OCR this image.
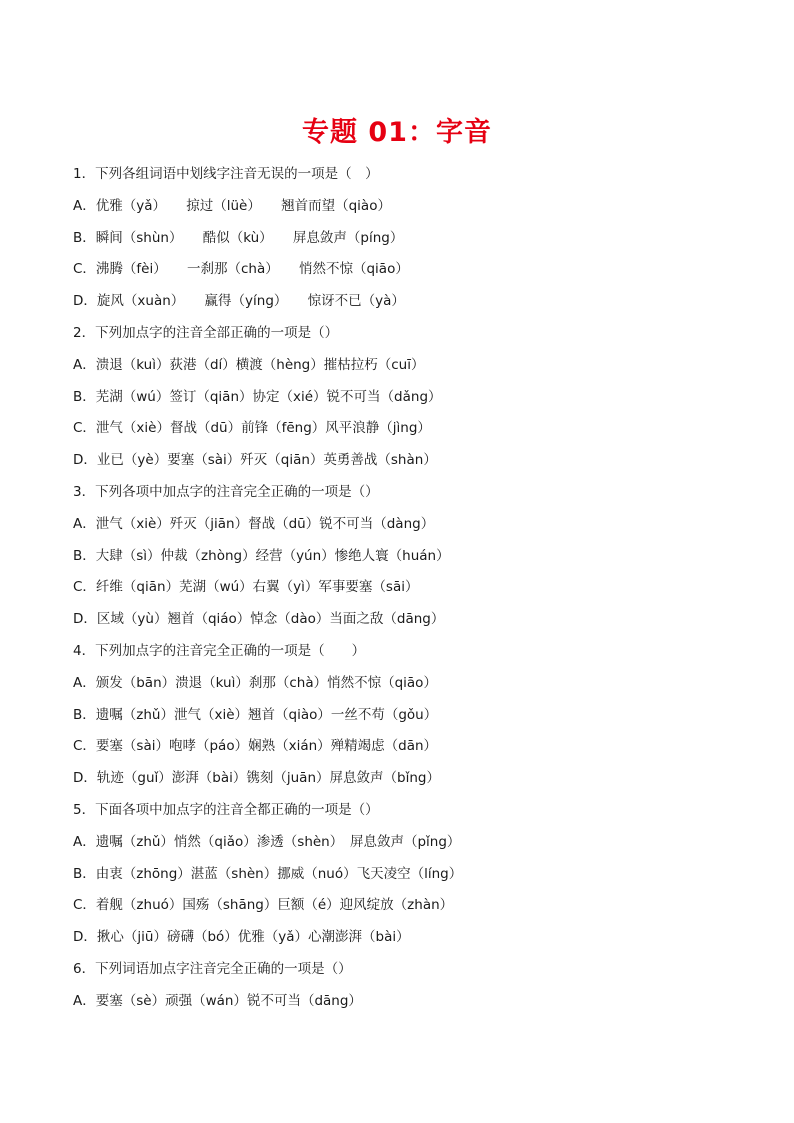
专题 01：字音
1．下列各组词语中划线字注音无误的一项是（　）
A．优雅（yǎ）　　掠过（lüè）　　翘首而望（qiào）
B．瞬间（shùn）　　酷似（kù）　　屏息敛声（píng）
C．沸腾（fèi）　　一刹那（chà）　　悄然不惊（qiāo）
D．旋风（xuàn）　　赢得（yíng）　　惊讶不已（yà）
2．下列加点字的注音全部正确的一项是（）
A．溃退（kuì）荻港（dí）横渡（hèng）摧枯拉朽（cuī）
B．芜湖（wú）签订（qiān）协定（xié）锐不可当（dǎng）
C．泄气（xiè）督战（dū）前锋（fēng）风平浪静（jìng）
D．业已（yè）要塞（sài）歼灭（qiān）英勇善战（shàn）
3．下列各项中加点字的注音完全正确的一项是（）
A．泄气（xiè）歼灭（jiān）督战（dū）锐不可当（dàng）
B．大肆（sì）仲裁（zhòng）经营（yún）惨绝人寰（huán）
C．纤维（qiān）芜湖（wú）右翼（yì）军事要塞（sāi）
D．区域（yù）翘首（qiáo）悼念（dào）当面之敌（dāng）
4．下列加点字的注音完全正确的一项是（　　）
A．颁发（bān）溃退（kuì）刹那（chà）悄然不惊（qiāo）
B．遗嘱（zhǔ）泄气（xiè）翘首（qiào）一丝不苟（gǒu）
C．要塞（sài）咆哮（páo）娴熟（xián）殚精竭虑（dān）
D．轨迹（guǐ）澎湃（bài）镌刻（juān）屏息敛声（bǐng）
5．下面各项中加点字的注音全都正确的一项是（）
A．遗嘱（zhǔ）悄然（qiǎo）渗透（shèn）　屏息敛声（pǐng）
B．由衷（zhōng）湛蓝（shèn）挪威（nuó）飞天凌空（líng）
C．着舰（zhuó）国殇（shāng）巨额（é）迎风绽放（zhàn）
D．揪心（jiū）磅礴（bó）优雅（yǎ）心潮澎湃（bài）
6．下列词语加点字注音完全正确的一项是（）
A．要塞（sè）顽强（wán）锐不可当（dāng）
